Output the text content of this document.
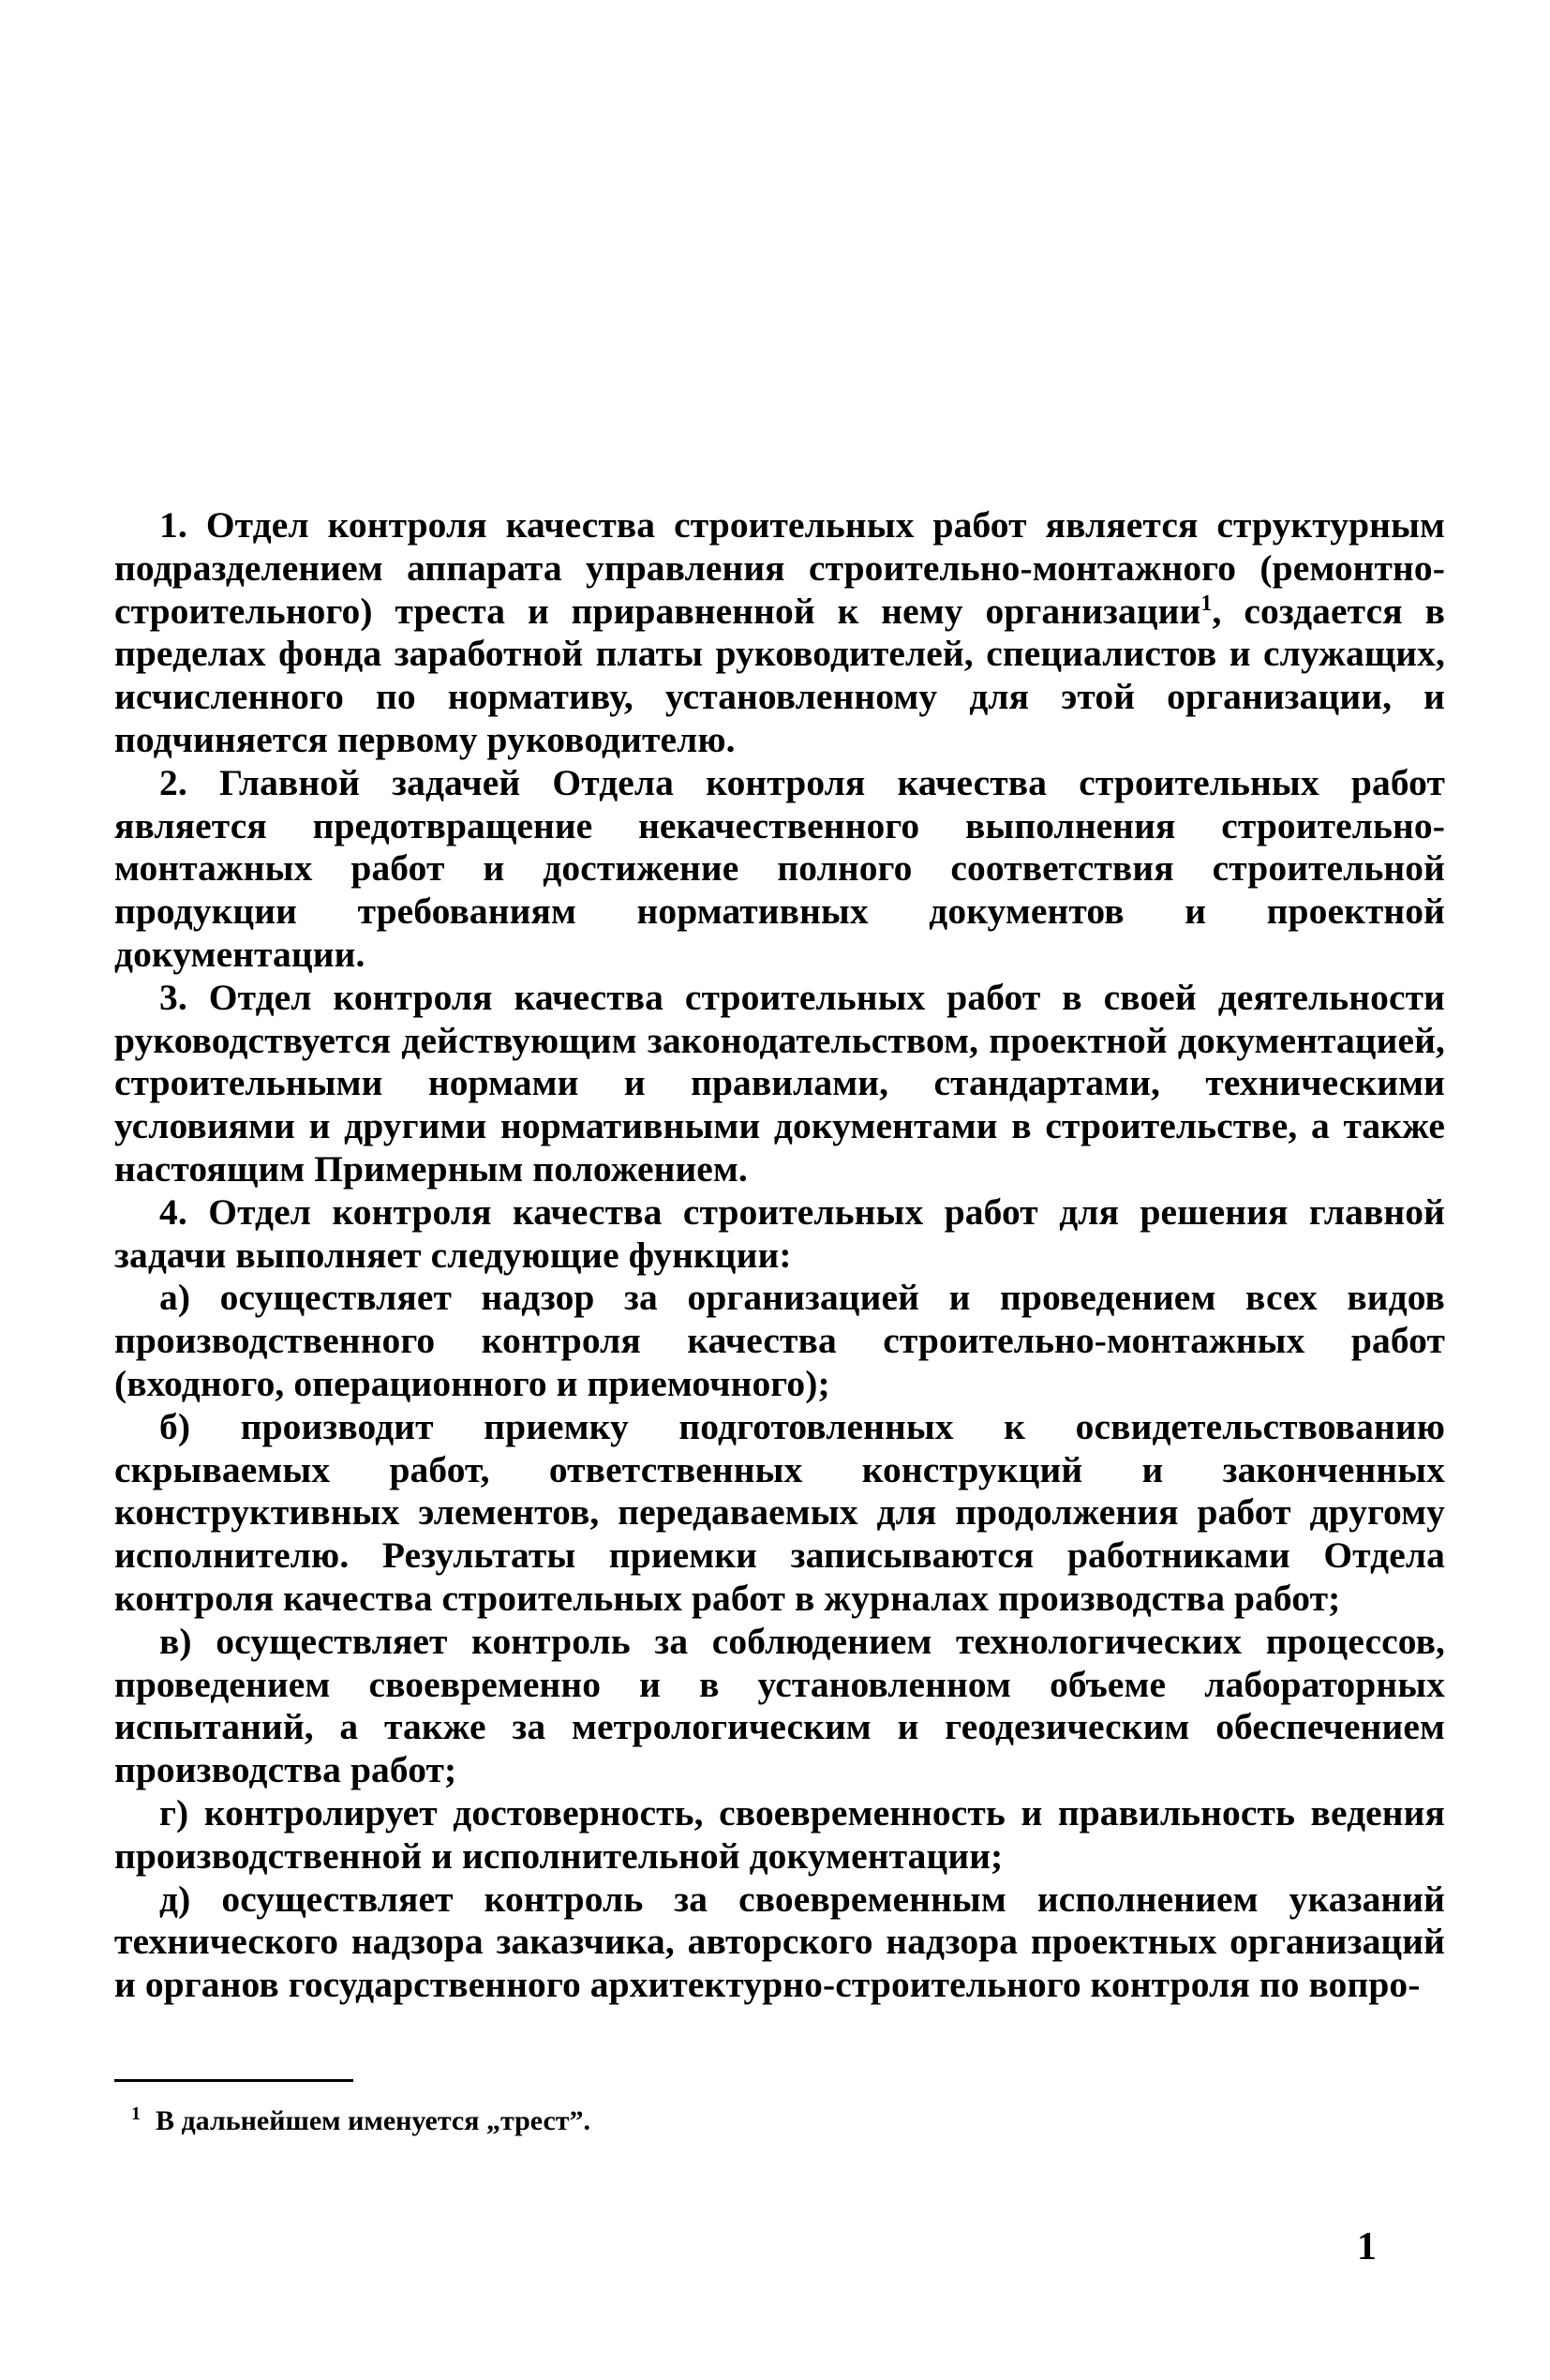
1. Отдел контроля качества строительных работ является структурным подразделением аппарата управления строительно-монтажного (ремонтно-строительного) треста и приравненной к нему организации$^1$, создается в пределах фонда заработной платы руководителей, специалистов и служащих, исчисленного по нормативу, установленному для этой организации, и подчиняется первому руководителю.

2. Главной задачей Отдела контроля качества строительных работ является предотвращение некачественного выполнения строительно-монтажных работ и достижение полного соответствия строительной продукции требованиям нормативных документов и проектной документации.

3. Отдел контроля качества строительных работ в своей деятельности руководствуется действующим законодательством, проектной документацией, строительными нормами и правилами, стандартами, техническими условиями и другими нормативными документами в строительстве, а также настоящим Примерным положением.

4. Отдел контроля качества строительных работ для решения главной задачи выполняет следующие функции:

а) осуществляет надзор за организацией и проведением всех видов производственного контроля качества строительно-монтажных работ (входного, операционного и приемочного);

б) производит приемку подготовленных к освидетельствованию скрываемых работ, ответственных конструкций и законченных конструктивных элементов, передаваемых для продолжения работ другому исполнителю. Результаты приемки записываются работниками Отдела контроля качества строительных работ в журналах производства работ;

в) осуществляет контроль за соблюдением технологических процессов, проведением своевременно и в установленном объеме лабораторных испытаний, а также за метрологическим и геодезическим обеспечением производства работ;

г) контролирует достоверность, своевременность и правильность ведения производственной и исполнительной документации;

д) осуществляет контроль за своевременным исполнением указаний технического надзора заказчика, авторского надзора проектных организаций и органов государственного архитектурно-строительного контроля по вопро-

$^1$ В дальнейшем именуется „трест”.
1
